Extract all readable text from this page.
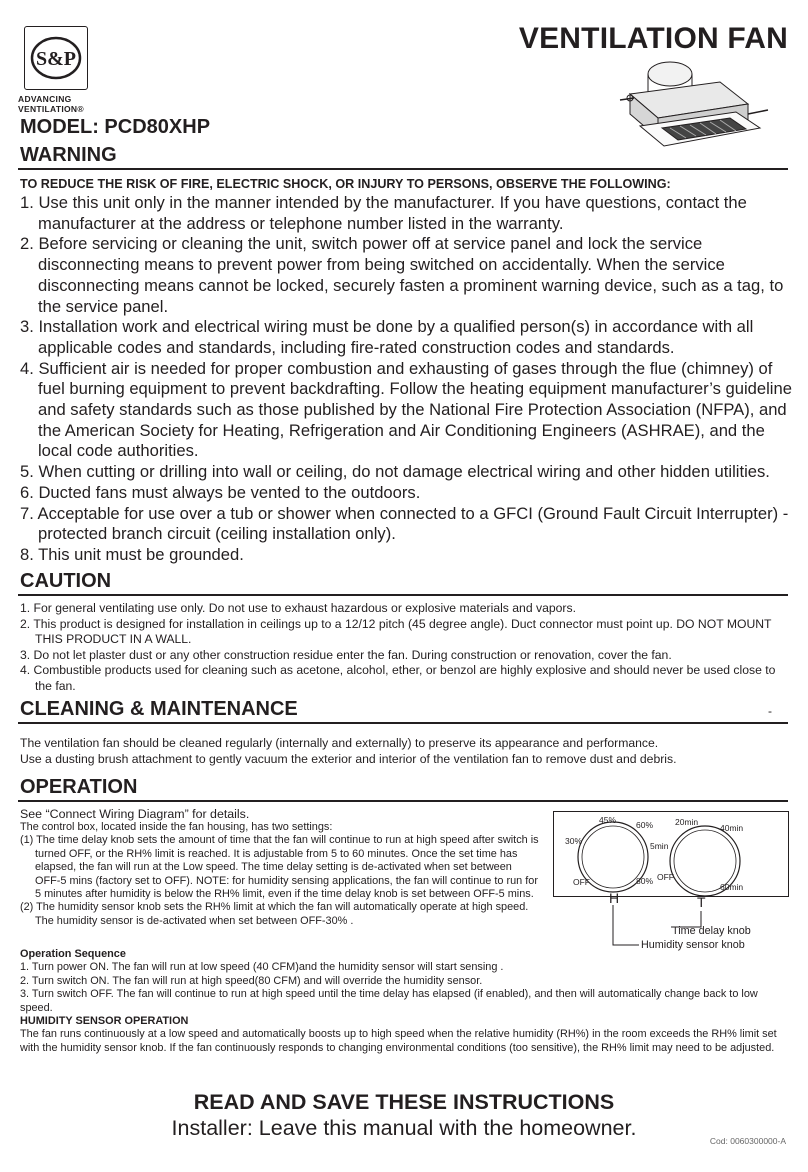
S&P
ADVANCING
VENTILATION®
VENTILATION FAN
MODEL: PCD80XHP
WARNING
TO REDUCE THE RISK OF FIRE, ELECTRIC SHOCK, OR INJURY TO PERSONS, OBSERVE THE FOLLOWING:
1. Use this unit only in the manner intended by the manufacturer. If you have questions, contact the manufacturer at the address or telephone number listed in the warranty.
2. Before servicing or cleaning the unit, switch power off at service panel and lock the service disconnecting means to prevent power from being switched on accidentally. When the service disconnecting means cannot be locked, securely fasten a prominent warning device, such as a tag, to the service panel.
3. Installation work and electrical wiring must be done by a qualified person(s) in accordance with all applicable codes and standards, including fire-rated construction codes and standards.
4. Sufficient air is needed for proper combustion and exhausting of gases through the flue (chimney) of fuel burning equipment to prevent backdrafting. Follow the heating equipment manufacturer’s guideline and safety standards such as those published by the National Fire Protection Association (NFPA), and the American Society for Heating, Refrigeration and Air Conditioning Engineers (ASHRAE), and the local code authorities.
5. When cutting or drilling into wall or ceiling, do not damage electrical wiring and other hidden utilities.
6. Ducted fans must always be vented to the outdoors.
7. Acceptable for use over a tub or shower when connected to a GFCI (Ground Fault Circuit Interrupter) - protected branch circuit (ceiling installation only).
8. This unit must be grounded.
CAUTION
1. For general ventilating use only. Do not use to exhaust hazardous or explosive materials and vapors.
2. This product is designed for installation in ceilings up to a 12/12 pitch (45 degree angle). Duct connector must point up. DO NOT MOUNT THIS PRODUCT IN A WALL.
3. Do not let plaster dust or any other construction residue enter the fan. During construction or renovation, cover the fan.
4. Combustible products used for cleaning such as acetone, alcohol, ether, or benzol are highly explosive and should never be used close to the fan.
CLEANING & MAINTENANCE	-
The ventilation fan should be cleaned regularly (internally and externally) to preserve its appearance and performance.
Use a dusting brush attachment to gently vacuum the exterior and interior of the ventilation fan to remove dust and debris.
OPERATION

See “Connect Wiring Diagram” for details.

The control box, located inside the fan housing, has two settings:

(1) The time delay knob sets the amount of time that the fan will continue to run at high speed after switch is turned OFF, or the RH% limit is reached. It is adjustable from 5 to 60 minutes. Once the set time has elapsed, the fan will run at the Low speed. The time delay setting is de-activated when set between OFF-5 mins (factory set to OFF). NOTE: for humidity sensing applications, the fan will continue to run for 5 minutes after humidity is below the RH% limit, even if the time delay knob is set between OFF-5 mins.
(2) The humidity sensor knob sets the RH% limit at which the fan will automatically operate at high speed. The humidity sensor is de-activated when set between OFF-30% .
45% 60%
30%
OFF	80%
H
20min
40min
5min
OFF
60min
T
Time delay knob
Humidity sensor knob

Operation Sequence

1. Turn power ON. The fan will run at low speed (40 CFM)and the humidity sensor will start sensing .

2. Turn switch ON. The fan will run at high speed(80 CFM) and will override the humidity sensor.

3. Turn switch OFF. The fan will continue to run at high speed until the time delay has elapsed (if enabled), and then will automatically change back to low speed.

HUMIDITY SENSOR OPERATION

The fan runs continuously at a low speed and automatically boosts up to high speed when the relative humidity (RH%) in the room exceeds the RH% limit set with the humidity sensor knob. If the fan continuously responds to changing environmental conditions (too sensitive), the RH% limit may need to be adjusted.

READ AND SAVE THESE INSTRUCTIONS
Installer: Leave this manual with the homeowner.
Cod: 0060300000-A
